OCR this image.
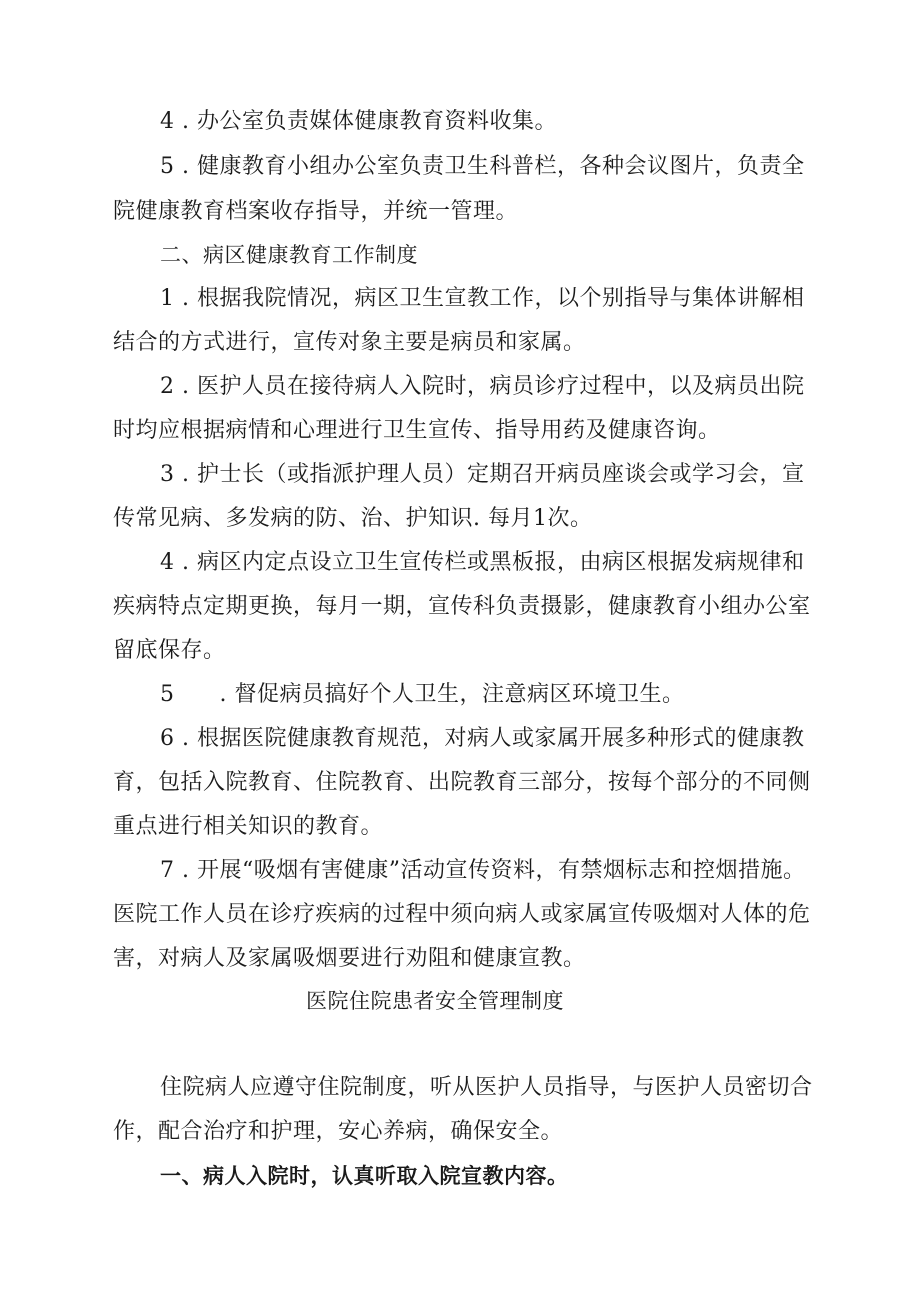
4 . 办公室负责媒体健康教育资料收集。
5 . 健康教育小组办公室负责卫生科普栏，各种会议图片，负责全
院健康教育档案收存指导，并统一管理。
二、病区健康教育工作制度
1 . 根据我院情况，病区卫生宣教工作，以个别指导与集体讲解相
结合的方式进行，宣传对象主要是病员和家属。
2 . 医护人员在接待病人入院时，病员诊疗过程中，以及病员出院
时均应根据病情和心理进行卫生宣传、指导用药及健康咨询。
3 . 护士长（或指派护理人员）定期召开病员座谈会或学习会，宣
传常见病、多发病的防、治、护知识. 每月1次。
4 . 病区内定点设立卫生宣传栏或黑板报，由病区根据发病规律和
疾病特点定期更换，每月一期，宣传科负责摄影，健康教育小组办公室
留底保存。
5      . 督促病员搞好个人卫生，注意病区环境卫生。
6 . 根据医院健康教育规范，对病人或家属开展多种形式的健康教
育，包括入院教育、住院教育、出院教育三部分，按每个部分的不同侧
重点进行相关知识的教育。
7 . 开展“吸烟有害健康”活动宣传资料，有禁烟标志和控烟措施。
医院工作人员在诊疗疾病的过程中须向病人或家属宣传吸烟对人体的危
害，对病人及家属吸烟要进行劝阻和健康宣教。
医院住院患者安全管理制度
住院病人应遵守住院制度，听从医护人员指导，与医护人员密切合
作，配合治疗和护理，安心养病，确保安全。
一、病人入院时，认真听取入院宣教内容。
